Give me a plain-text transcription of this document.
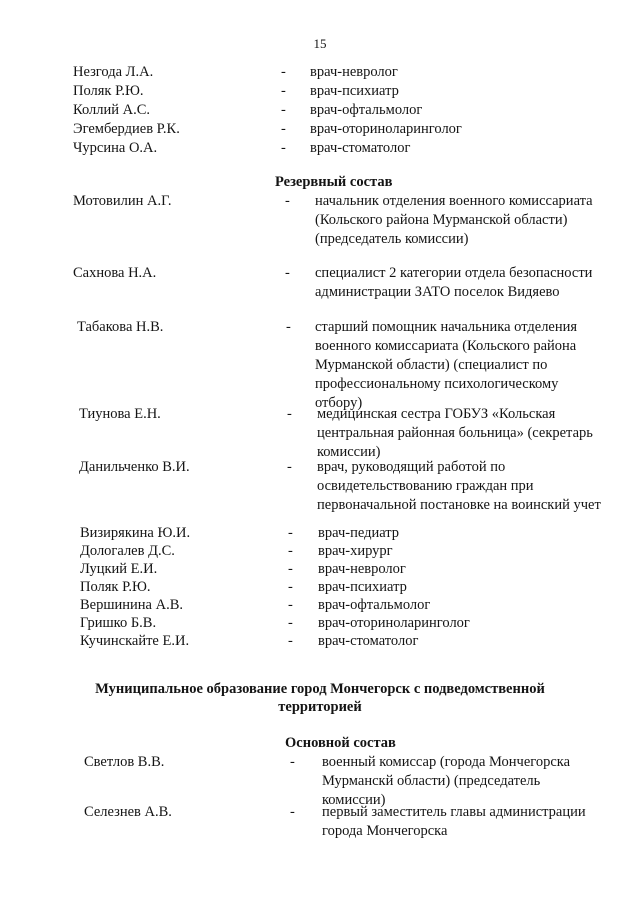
15
Незгода Л.А.	- врач-невролог
Поляк Р.Ю.	- врач-психиатр
Коллий А.С.	- врач-офтальмолог
Эгембердиев Р.К.	- врач-оториноларинголог
Чурсина О.А.	- врач-стоматолог
Резервный состав
Мотовилин А.Г.	- начальник отделения военного комиссариата (Кольского района Мурманской области) (председатель комиссии)
Сахнова Н.А.	- специалист 2 категории отдела безопасности администрации ЗАТО поселок Видяево
Табакова Н.В.	- старший помощник начальника отделения военного комиссариата (Кольского района Мурманской области) (специалист по профессиональному психологическому отбору)
Тиунова Е.Н.	- медицинская сестра ГОБУЗ «Кольская центральная районная больница» (секретарь комиссии)
Данильченко В.И.	- врач, руководящий работой по освидетельствованию граждан при первоначальной постановке на воинский учет
Визирякина Ю.И.	- врач-педиатр
Дологалев Д.С.	- врач-хирург
Луцкий Е.И.	- врач-невролог
Поляк Р.Ю.	- врач-психиатр
Вершинина А.В.	- врач-офтальмолог
Гришко Б.В.	- врач-оториноларинголог
Кучинскайте Е.И.	- врач-стоматолог
Муниципальное образование город Мончегорск с подведомственной
территорией
Основной состав
Светлов В.В.	- военный комиссар (города Мончегорска Мурманскй области) (председатель комиссии)
Селезнев А.В.	- первый заместитель главы администрации города Мончегорска
